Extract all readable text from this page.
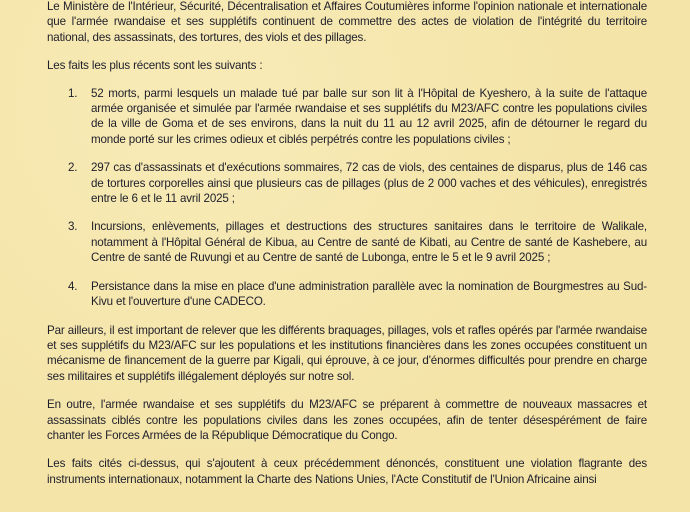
Le Ministère de l'Intérieur, Sécurité, Décentralisation et Affaires Coutumières informe l'opinion nationale et internationale que l'armée rwandaise et ses supplétifs continuent de commettre des actes de violation de l'intégrité du territoire national, des assassinats, des tortures, des viols et des pillages.

Les faits les plus récents sont les suivants :

1. 52 morts, parmi lesquels un malade tué par balle sur son lit à l'Hôpital de Kyeshero, à la suite de l'attaque armée organisée et simulée par l'armée rwandaise et ses supplétifs du M23/AFC contre les populations civiles de la ville de Goma et de ses environs, dans la nuit du 11 au 12 avril 2025, afin de détourner le regard du monde porté sur les crimes odieux et ciblés perpétrés contre les populations civiles ;

2. 297 cas d'assassinats et d'exécutions sommaires, 72 cas de viols, des centaines de disparus, plus de 146 cas de tortures corporelles ainsi que plusieurs cas de pillages (plus de 2 000 vaches et des véhicules), enregistrés entre le 6 et le 11 avril 2025 ;

3. Incursions, enlèvements, pillages et destructions des structures sanitaires dans le territoire de Walikale, notamment à l'Hôpital Général de Kibua, au Centre de santé de Kibati, au Centre de santé de Kashebere, au Centre de santé de Ruvungi et au Centre de santé de Lubonga, entre le 5 et le 9 avril 2025 ;

4. Persistance dans la mise en place d'une administration parallèle avec la nomination de Bourgmestres au Sud-Kivu et l'ouverture d'une CADECO.

Par ailleurs, il est important de relever que les différents braquages, pillages, vols et rafles opérés par l'armée rwandaise et ses supplétifs du M23/AFC sur les populations et les institutions financières dans les zones occupées constituent un mécanisme de financement de la guerre par Kigali, qui éprouve, à ce jour, d'énormes difficultés pour prendre en charge ses militaires et supplétifs illégalement déployés sur notre sol.

En outre, l'armée rwandaise et ses supplétifs du M23/AFC se préparent à commettre de nouveaux massacres et assassinats ciblés contre les populations civiles dans les zones occupées, afin de tenter désespérément de faire chanter les Forces Armées de la République Démocratique du Congo.

Les faits cités ci-dessus, qui s'ajoutent à ceux précédemment dénoncés, constituent une violation flagrante des instruments internationaux, notamment la Charte des Nations Unies, l'Acte Constitutif de l'Union Africaine ainsi
